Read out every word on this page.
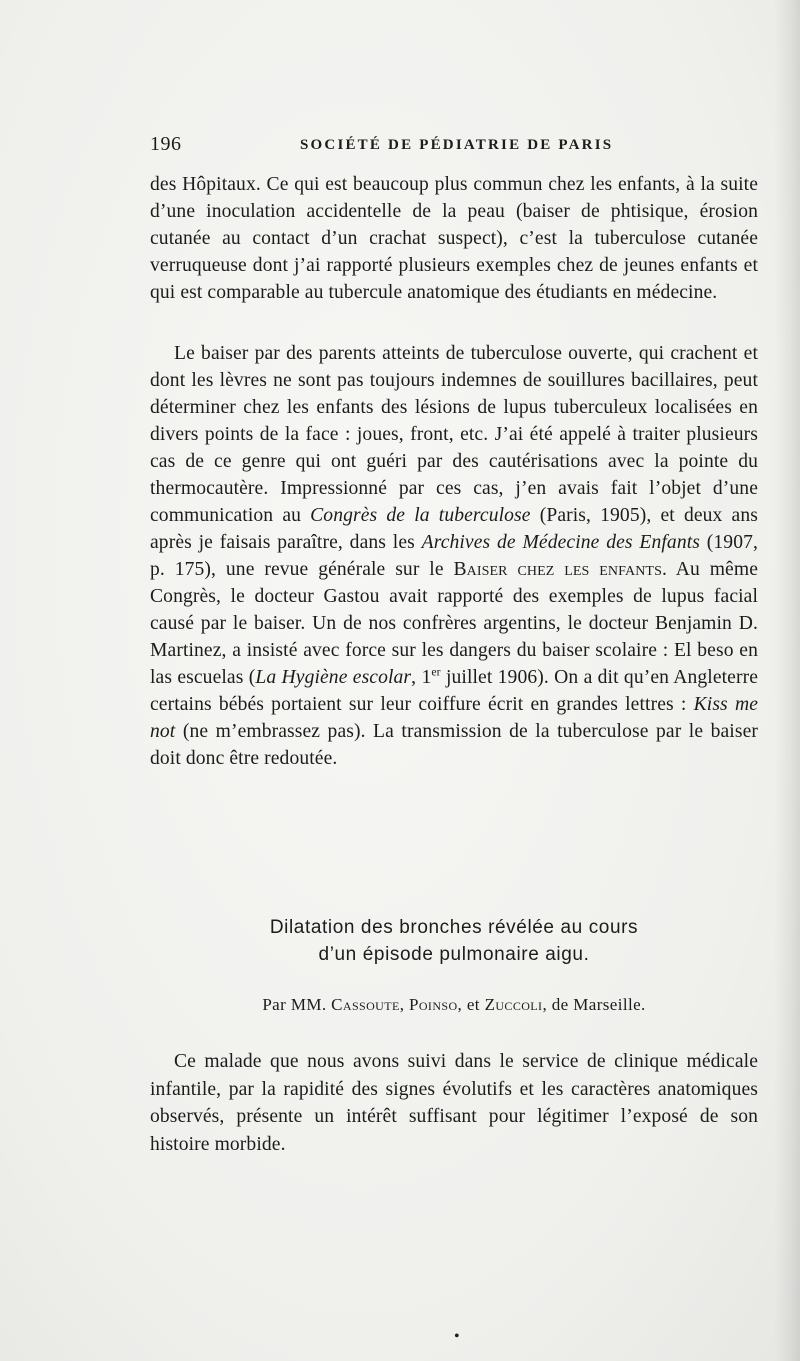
196	SOCIÉTÉ DE PÉDIATRIE DE PARIS
des Hôpitaux. Ce qui est beaucoup plus commun chez les enfants, à la suite d’une inoculation accidentelle de la peau (baiser de phtisique, érosion cutanée au contact d’un crachat suspect), c’est la tuberculose cutanée verruqueuse dont j’ai rapporté plusieurs exemples chez de jeunes enfants et qui est comparable au tubercule anatomique des étudiants en médecine.
Le baiser par des parents atteints de tuberculose ouverte, qui crachent et dont les lèvres ne sont pas toujours indemnes de souillures bacillaires, peut déterminer chez les enfants des lésions de lupus tuberculeux localisées en divers points de la face : joues, front, etc. J’ai été appelé à traiter plusieurs cas de ce genre qui ont guéri par des cautérisations avec la pointe du thermocautère. Impressionné par ces cas, j’en avais fait l’objet d’une communication au Congrès de la tuberculose (Paris, 1905), et deux ans après je faisais paraître, dans les Archives de Médecine des Enfants (1907, p. 175), une revue générale sur le Baiser chez les enfants. Au même Congrès, le docteur Gastou avait rapporté des exemples de lupus facial causé par le baiser. Un de nos confrères argentins, le docteur Benjamin D. Martinez, a insisté avec force sur les dangers du baiser scolaire : El beso en las escuelas (La Hygiène escolar, 1er juillet 1906). On a dit qu’en Angleterre certains bébés portaient sur leur coiffure écrit en grandes lettres : Kiss me not (ne m’embrassez pas). La transmission de la tuberculose par le baiser doit donc être redoutée.
Dilatation des bronches révélée au cours
d’un épisode pulmonaire aigu.
Par MM. Cassoute, Poinso, et Zuccoli, de Marseille.
Ce malade que nous avons suivi dans le service de clinique médicale infantile, par la rapidité des signes évolutifs et les caractères anatomiques observés, présente un intérêt suffisant pour légitimer l’exposé de son histoire morbide.
•
